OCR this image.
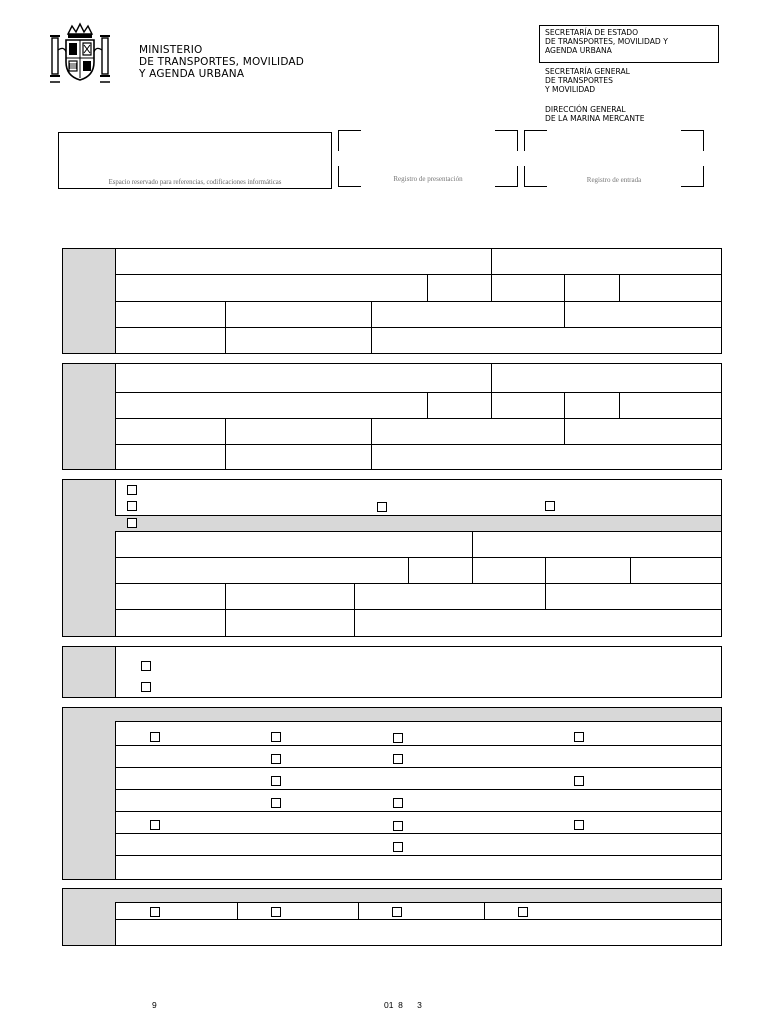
MINISTERIO
DE TRANSPORTES, MOVILIDAD
Y AGENDA URBANA
SECRETARÍA DE ESTADO
DE TRANSPORTES, MOVILIDAD Y
AGENDA URBANA
SECRETARÍA GENERAL
DE TRANSPORTES
Y MOVILIDAD
DIRECCIÓN GENERAL
DE LA MARINA MERCANTE
Espacio reservado para referencias, codificaciones informáticas	Registro de presentación	Registro de entrada
9	01  8      3
